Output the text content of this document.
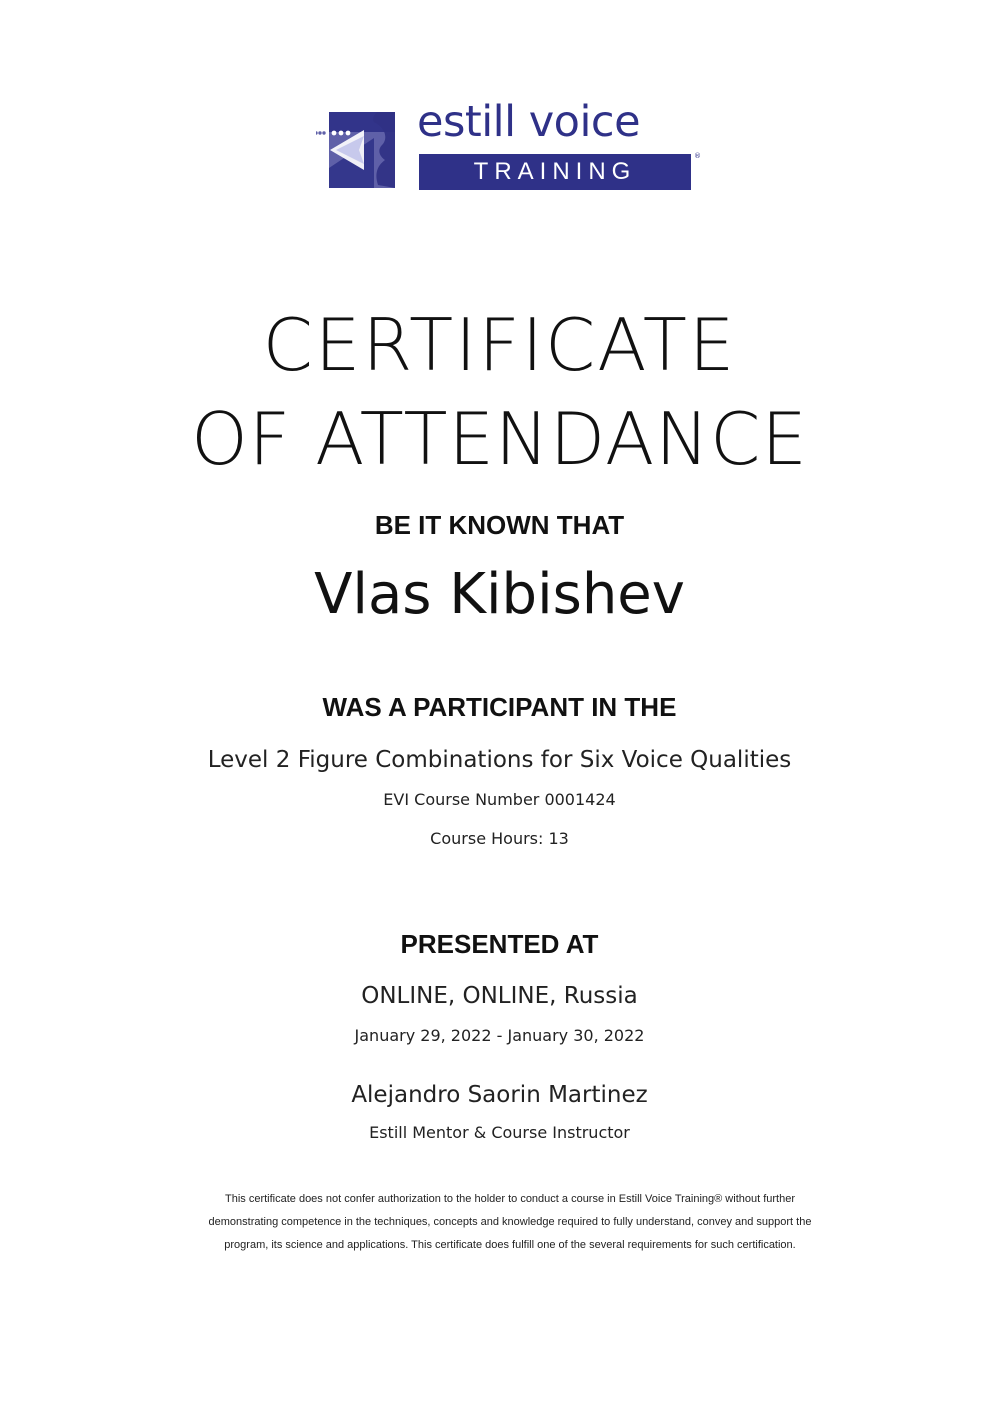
estill voice
TRAINING
®
CERTIFICATE
OF ATTENDANCE
BE IT KNOWN THAT
Vlas Kibishev
WAS A PARTICIPANT IN THE
Level 2 Figure Combinations for Six Voice Qualities
EVI Course Number 0001424
Course Hours: 13
PRESENTED AT
ONLINE, ONLINE, Russia
January 29, 2022 - January 30, 2022
Alejandro Saorin Martinez
Estill Mentor & Course Instructor
This certificate does not confer authorization to the holder to conduct a course in Estill Voice Training® without further
demonstrating competence in the techniques, concepts and knowledge required to fully understand, convey and support the
program, its science and applications. This certificate does fulfill one of the several requirements for such certification.
